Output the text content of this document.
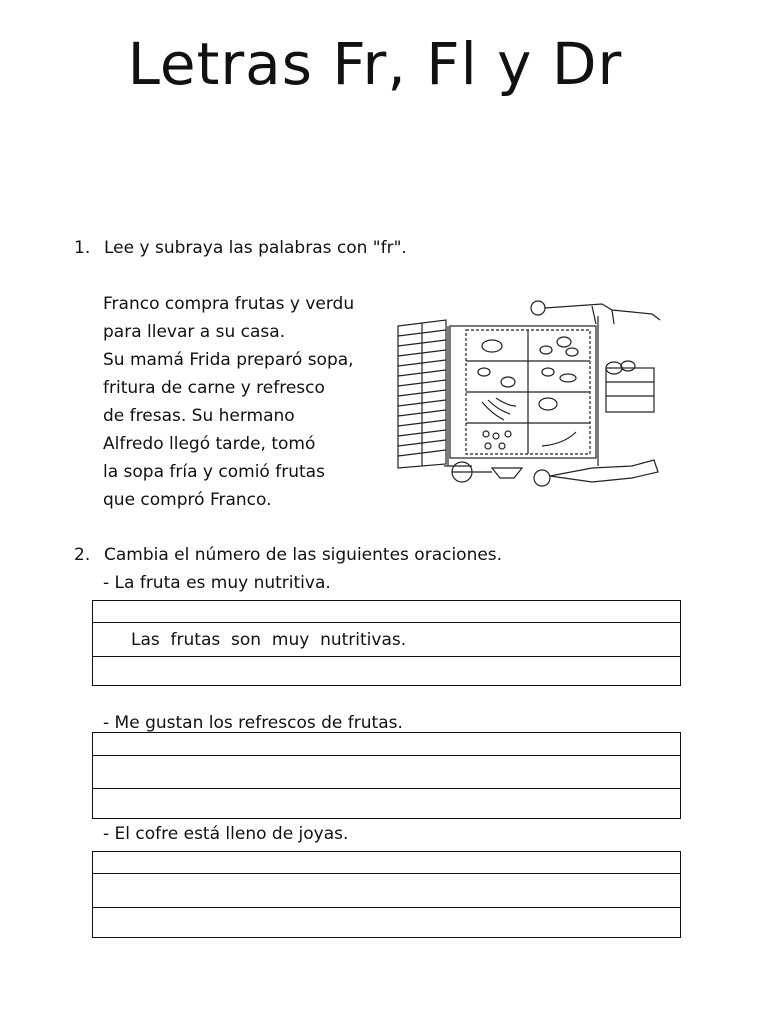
Letras Fr, Fl y Dr
1. Lee y subraya las palabras con "fr".
Franco compra frutas y verdu
para llevar a su casa.
Su mamá Frida preparó sopa,
fritura de carne y refresco
de fresas. Su hermano
Alfredo llegó tarde, tomó
la sopa fría y comió frutas
que compró Franco.
2. Cambia el número de las siguientes oraciones.
- La fruta es muy nutritiva.
Las  frutas  son  muy  nutritivas.
- Me gustan los refrescos de frutas.
- El cofre está lleno de joyas.
